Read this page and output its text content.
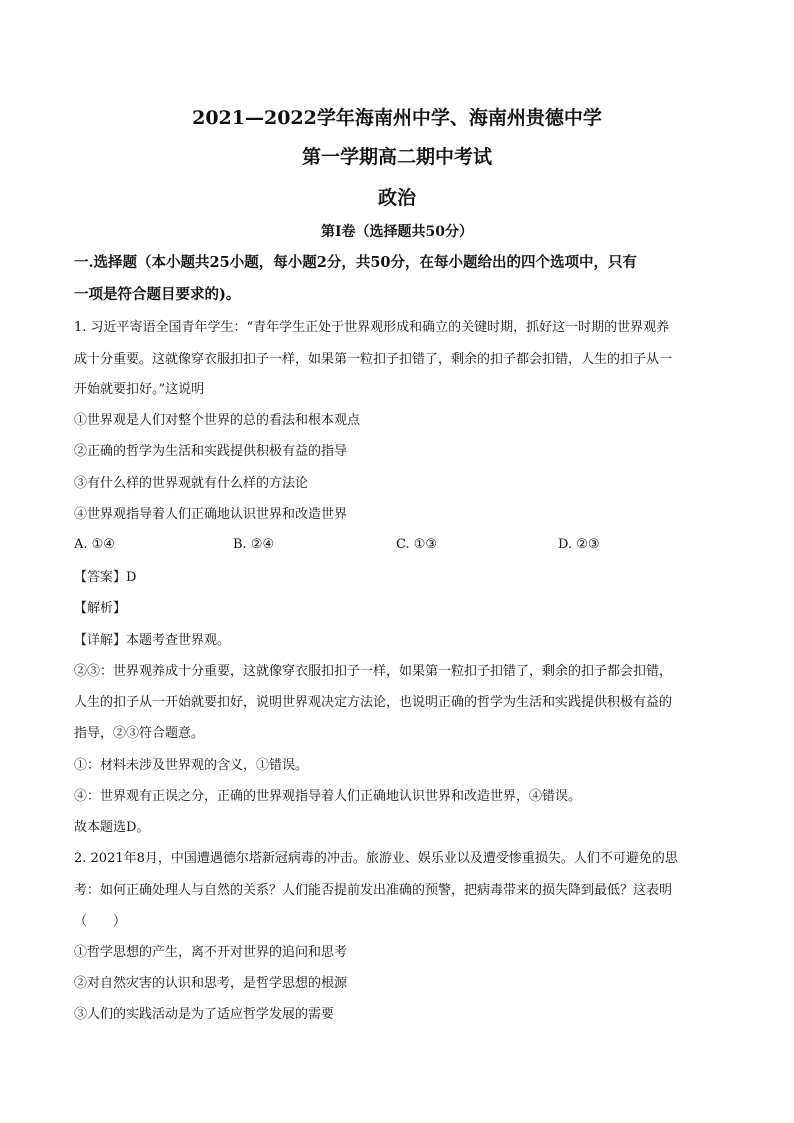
2021—2022学年海南州中学、海南州贵德中学
第一学期高二期中考试
政治
第Ⅰ卷（选择题共50分）
一.选择题（本小题共25小题，每小题2分，共50分，在每小题给出的四个选项中，只有
一项是符合题目要求的)。
1. 习近平寄语全国青年学生：“青年学生正处于世界观形成和确立的关键时期，抓好这一时期的世界观养
成十分重要。这就像穿衣服扣扣子一样，如果第一粒扣子扣错了，剩余的扣子都会扣错，人生的扣子从一
开始就要扣好。”这说明
①世界观是人们对整个世界的总的看法和根本观点
②正确的哲学为生活和实践提供积极有益的指导
③有什么样的世界观就有什么样的方法论
④世界观指导着人们正确地认识世界和改造世界
A. ①④	B. ②④	C. ①③	D. ②③
【答案】D
【解析】
【详解】本题考查世界观。
②③：世界观养成十分重要，这就像穿衣服扣扣子一样，如果第一粒扣子扣错了，剩余的扣子都会扣错，
人生的扣子从一开始就要扣好，说明世界观决定方法论，也说明正确的哲学为生活和实践提供积极有益的
指导，②③符合题意。
①：材料未涉及世界观的含义，①错误。
④：世界观有正误之分，正确的世界观指导着人们正确地认识世界和改造世界，④错误。
故本题选D。
2. 2021年8月，中国遭遇德尔塔新冠病毒的冲击。旅游业、娱乐业以及遭受惨重损失。人们不可避免的思
考：如何正确处理人与自然的关系？人们能否提前发出准确的预警，把病毒带来的损失降到最低？这表明
（　　）
①哲学思想的产生，离不开对世界的追问和思考
②对自然灾害的认识和思考，是哲学思想的根源
③人们的实践活动是为了适应哲学发展的需要
